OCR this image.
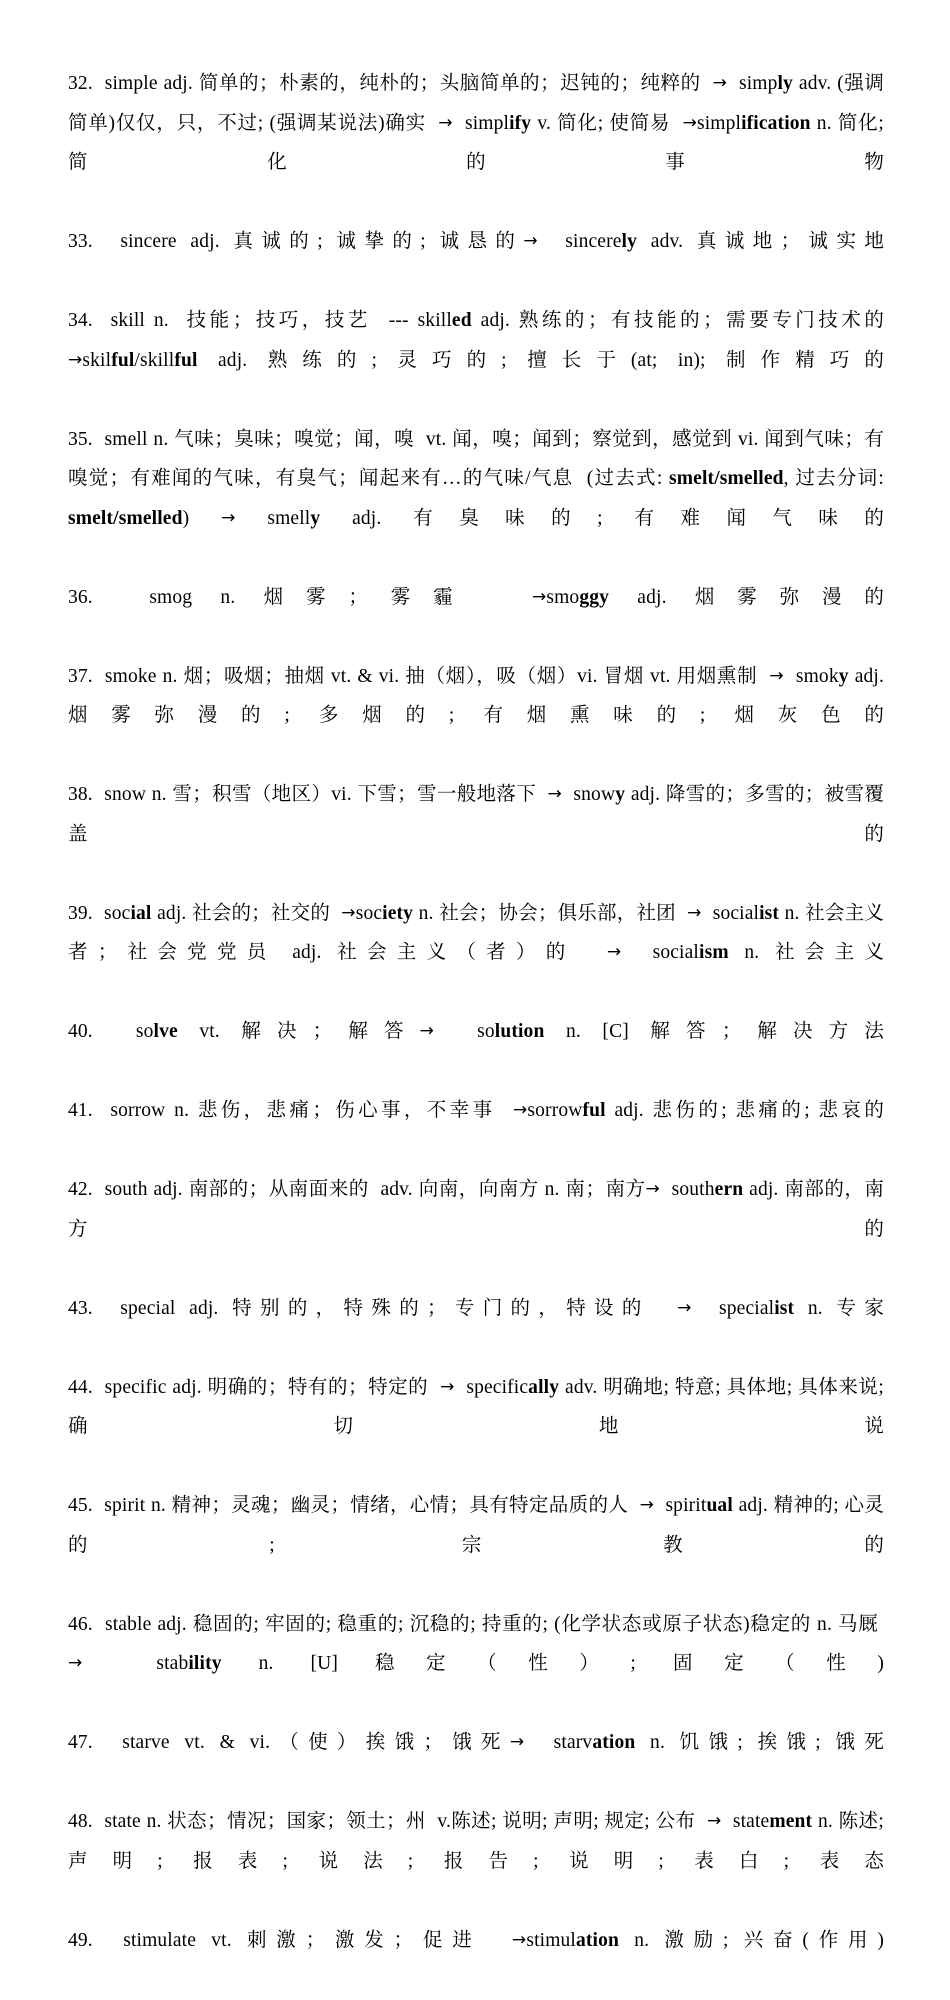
32.  simple adj. 简单的；朴素的，纯朴的；头脑简单的；迟钝的；纯粹的  →  simply adv. (强调简单)仅仅，只，不过; (强调某说法)确实  →  simplify v. 简化; 使简易  →simplification n. 简化; 简化的事物

33.  sincere adj. 真诚的; 诚挚的; 诚恳的→  sincerely adv. 真诚地；诚实地

34.  skill n.  技能；技巧，技艺  --- skilled adj. 熟练的；有技能的；需要专门技术的 →skilful/skillful adj. 熟练的; 灵巧的; 擅长于(at; in); 制作精巧的

35.  smell n. 气味；臭味；嗅觉；闻，嗅  vt. 闻，嗅；闻到；察觉到，感觉到 vi. 闻到气味；有嗅觉；有难闻的气味，有臭气；闻起来有…的气味/气息  (过去式: smelt/smelled, 过去分词: smelt/smelled) → smelly adj. 有臭味的; 有难闻气味的

36.  smog n. 烟雾；雾霾  →smoggy adj. 烟雾弥漫的

37.  smoke n. 烟；吸烟；抽烟 vt. & vi. 抽（烟），吸（烟）vi. 冒烟 vt. 用烟熏制  →  smoky adj. 烟雾弥漫的; 多烟的; 有烟熏味的; 烟灰色的

38.  snow n. 雪；积雪（地区）vi. 下雪；雪一般地落下  →  snowy adj. 降雪的；多雪的；被雪覆盖的

39.  social adj. 社会的；社交的  →society n. 社会；协会；俱乐部，社团  →  socialist n. 社会主义者；社会党党员 adj. 社会主义（者）的  →  socialism n. 社会主义

40.  solve vt. 解决；解答→  solution n. [C] 解答；解决方法

41.  sorrow n. 悲伤，悲痛；伤心事，不幸事  →sorrowful adj. 悲伤的; 悲痛的; 悲哀的

42.  south adj. 南部的；从南面来的  adv. 向南，向南方 n. 南；南方→  southern adj. 南部的，南方的

43.  special adj. 特别的，特殊的；专门的，特设的  →  specialist n. 专家

44.  specific adj. 明确的；特有的；特定的  →  specifically adv. 明确地; 特意; 具体地; 具体来说; 确切地说

45.  spirit n. 精神；灵魂；幽灵；情绪，心情；具有特定品质的人  →  spiritual adj. 精神的; 心灵的; 宗教的

46.  stable adj. 稳固的; 牢固的; 稳重的; 沉稳的; 持重的; (化学状态或原子状态)稳定的 n. 马厩  →  stability n. [U] 稳定（性）; 固定（性)

47.  starve vt. & vi.（使）挨饿；饿死→  starvation n. 饥饿; 挨饿; 饿死

48.  state n. 状态；情况；国家；领土；州  v.陈述; 说明; 声明; 规定; 公布  →  statement n. 陈述; 声明; 报表; 说法; 报告; 说明; 表白; 表态

49.  stimulate vt. 刺激；激发；促进  →stimulation n. 激励; 兴奋(作用)
